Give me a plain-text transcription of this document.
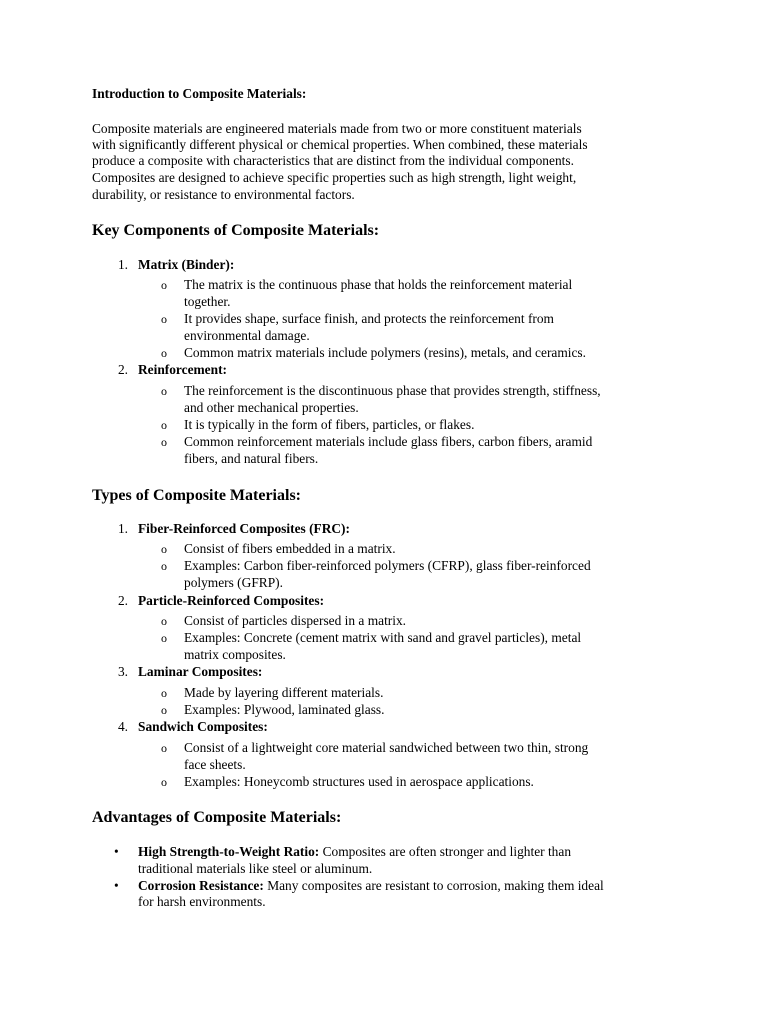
Introduction to Composite Materials:
Composite materials are engineered materials made from two or more constituent materials
with significantly different physical or chemical properties. When combined, these materials
produce a composite with characteristics that are distinct from the individual components.
Composites are designed to achieve specific properties such as high strength, light weight,
durability, or resistance to environmental factors.
Key Components of Composite Materials:
1. Matrix (Binder):
o The matrix is the continuous phase that holds the reinforcement material
together.
o It provides shape, surface finish, and protects the reinforcement from
environmental damage.
o Common matrix materials include polymers (resins), metals, and ceramics.
2. Reinforcement:
o The reinforcement is the discontinuous phase that provides strength, stiffness,
and other mechanical properties.
o It is typically in the form of fibers, particles, or flakes.
o Common reinforcement materials include glass fibers, carbon fibers, aramid
fibers, and natural fibers.
Types of Composite Materials:
1. Fiber-Reinforced Composites (FRC):
o Consist of fibers embedded in a matrix.
o Examples: Carbon fiber-reinforced polymers (CFRP), glass fiber-reinforced
polymers (GFRP).
2. Particle-Reinforced Composites:
o Consist of particles dispersed in a matrix.
o Examples: Concrete (cement matrix with sand and gravel particles), metal
matrix composites.
3. Laminar Composites:
o Made by layering different materials.
o Examples: Plywood, laminated glass.
4. Sandwich Composites:
o Consist of a lightweight core material sandwiched between two thin, strong
face sheets.
o Examples: Honeycomb structures used in aerospace applications.
Advantages of Composite Materials:
• High Strength-to-Weight Ratio: Composites are often stronger and lighter than
traditional materials like steel or aluminum.
• Corrosion Resistance: Many composites are resistant to corrosion, making them ideal
for harsh environments.
